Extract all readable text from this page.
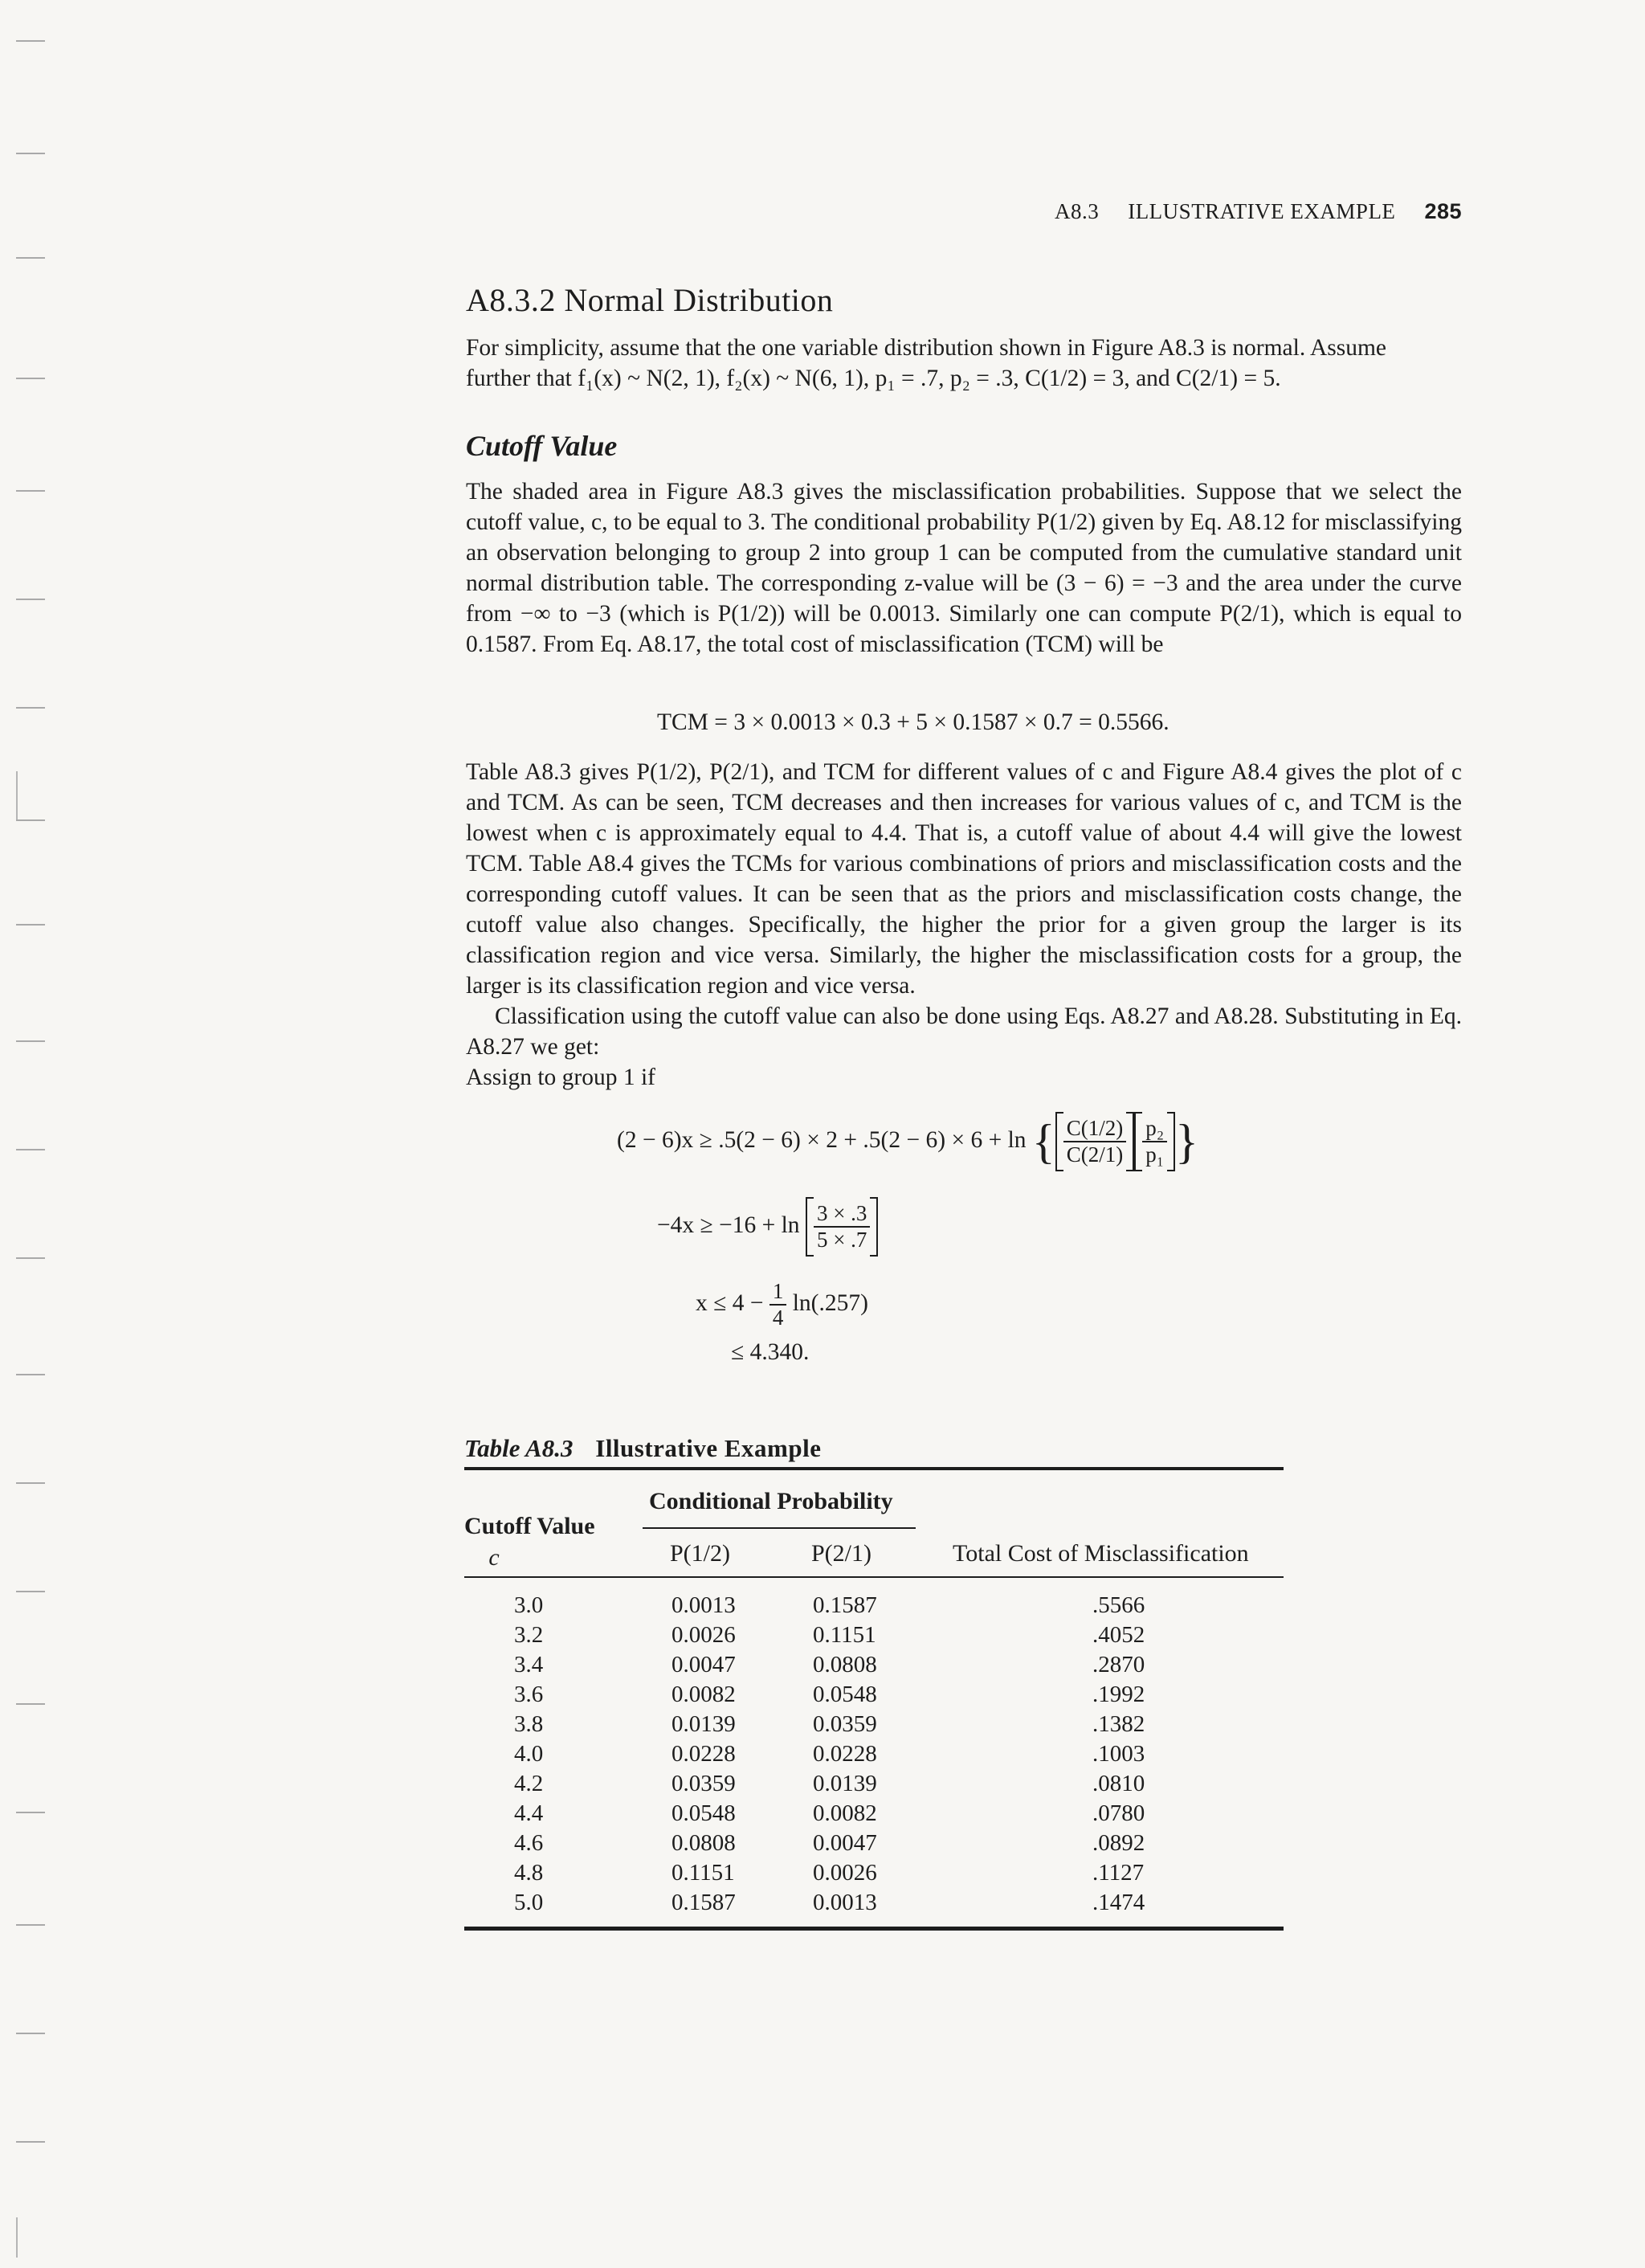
A8.3 ILLUSTRATIVE EXAMPLE 285
A8.3.2 Normal Distribution
For simplicity, assume that the one variable distribution shown in Figure A8.3 is normal. Assume
further that f₁(x) ~ N(2, 1), f₂(x) ~ N(6, 1), p₁ = .7, p₂ = .3, C(1/2) = 3, and C(2/1) = 5.
Cutoff Value

The shaded area in Figure A8.3 gives the misclassification probabilities. Suppose that we select the cutoff value, c, to be equal to 3. The conditional probability P(1/2) given by Eq. A8.12 for misclassifying an observation belonging to group 2 into group 1 can be computed from the cumulative standard unit normal distribution table. The corresponding z-value will be (3 − 6) = −3 and the area under the curve from −∞ to −3 (which is P(1/2)) will be 0.0013. Similarly one can compute P(2/1), which is equal to 0.1587. From Eq. A8.17, the total cost of misclassification (TCM) will be

TCM = 3 × 0.0013 × 0.3 + 5 × 0.1587 × 0.7 = 0.5566.

Table A8.3 gives P(1/2), P(2/1), and TCM for different values of c and Figure A8.4 gives the plot of c and TCM. As can be seen, TCM decreases and then increases for various values of c, and TCM is the lowest when c is approximately equal to 4.4. That is, a cutoff value of about 4.4 will give the lowest TCM. Table A8.4 gives the TCMs for various combinations of priors and misclassification costs and the corresponding cutoff values. It can be seen that as the priors and misclassification costs change, the cutoff value also changes. Specifically, the higher the prior for a given group the larger is its classification region and vice versa. Similarly, the higher the misclassification costs for a group, the larger is its classification region and vice versa.

Classification using the cutoff value can also be done using Eqs. A8.27 and A8.28. Substituting in Eq. A8.27 we get:

Assign to group 1 if
(2 − 6)x ≥ .5(2 − 6) × 2 + .5(2 − 6) × 6 + ln { $\frac{C(1/2)}{C(2/1)} \frac{\text{p₂}}{\text{p₁}}$ }
$-4x \ge -16 + \ln \frac{3 \times .3}{5 \times .7}$
$x \le 4 - \frac{1}{4} \ln(.257)$
≤ 4.340.
Table A8.3 Illustrative Example
Conditional Probability
Cutoff Value
c	P(1/2)	P(2/1)	Total Cost of Misclassification
3.0	0.0013	0.1587	.5566
3.2	0.0026	0.1151	.4052
3.4	0.0047	0.0808	.2870
3.6	0.0082	0.0548	.1992
3.8	0.0139	0.0359	.1382
4.0	0.0228	0.0228	.1003
4.2	0.0359	0.0139	.0810
4.4	0.0548	0.0082	.0780
4.6	0.0808	0.0047	.0892
4.8	0.1151	0.0026	.1127
5.0	0.1587	0.0013	.1474
